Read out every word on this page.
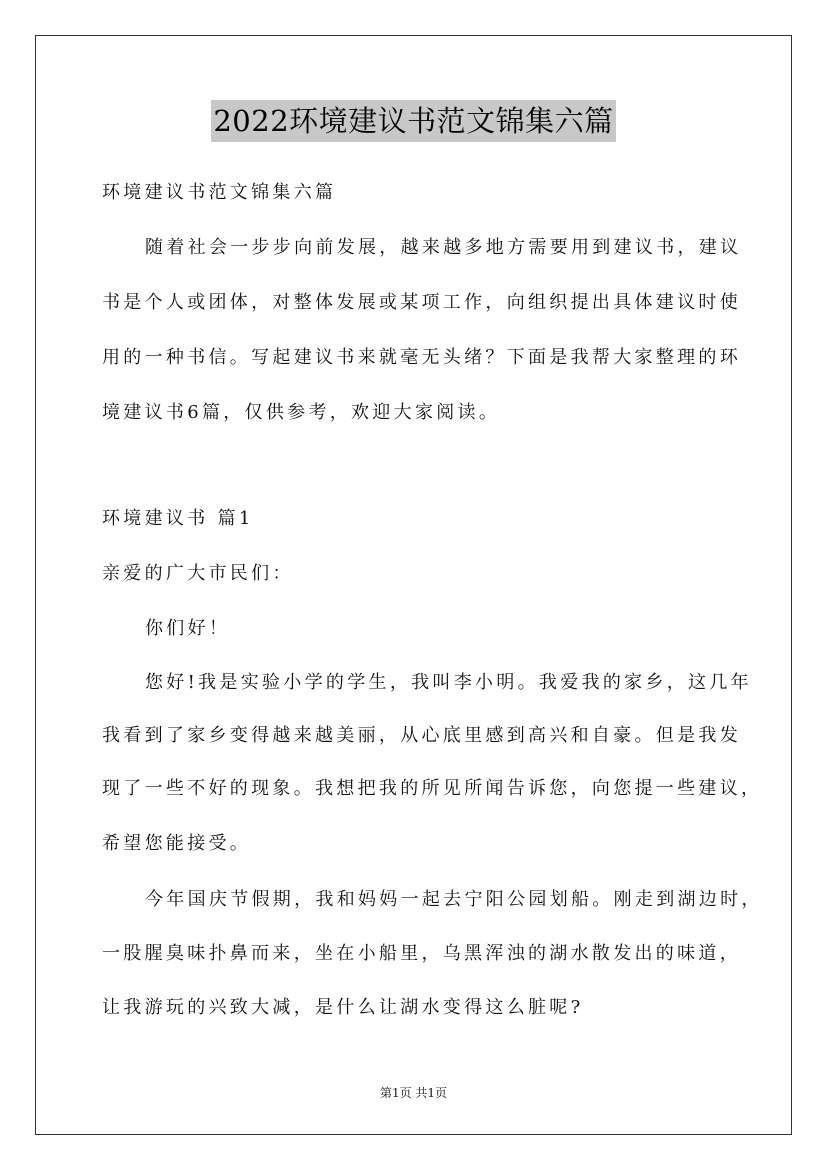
2022环境建议书范文锦集六篇
环境建议书范文锦集六篇
随着社会一步步向前发展，越来越多地方需要用到建议书，建议
书是个人或团体，对整体发展或某项工作，向组织提出具体建议时使
用的一种书信。写起建议书来就毫无头绪？下面是我帮大家整理的环
境建议书6篇，仅供参考，欢迎大家阅读。
环境建议书 篇1
亲爱的广大市民们：
你们好！
您好!我是实验小学的学生，我叫李小明。我爱我的家乡，这几年
我看到了家乡变得越来越美丽，从心底里感到高兴和自豪。但是我发
现了一些不好的现象。我想把我的所见所闻告诉您，向您提一些建议，
希望您能接受。
今年国庆节假期，我和妈妈一起去宁阳公园划船。刚走到湖边时，
一股腥臭味扑鼻而来，坐在小船里，乌黑浑浊的湖水散发出的味道，
让我游玩的兴致大减，是什么让湖水变得这么脏呢?
第1页 共1页
